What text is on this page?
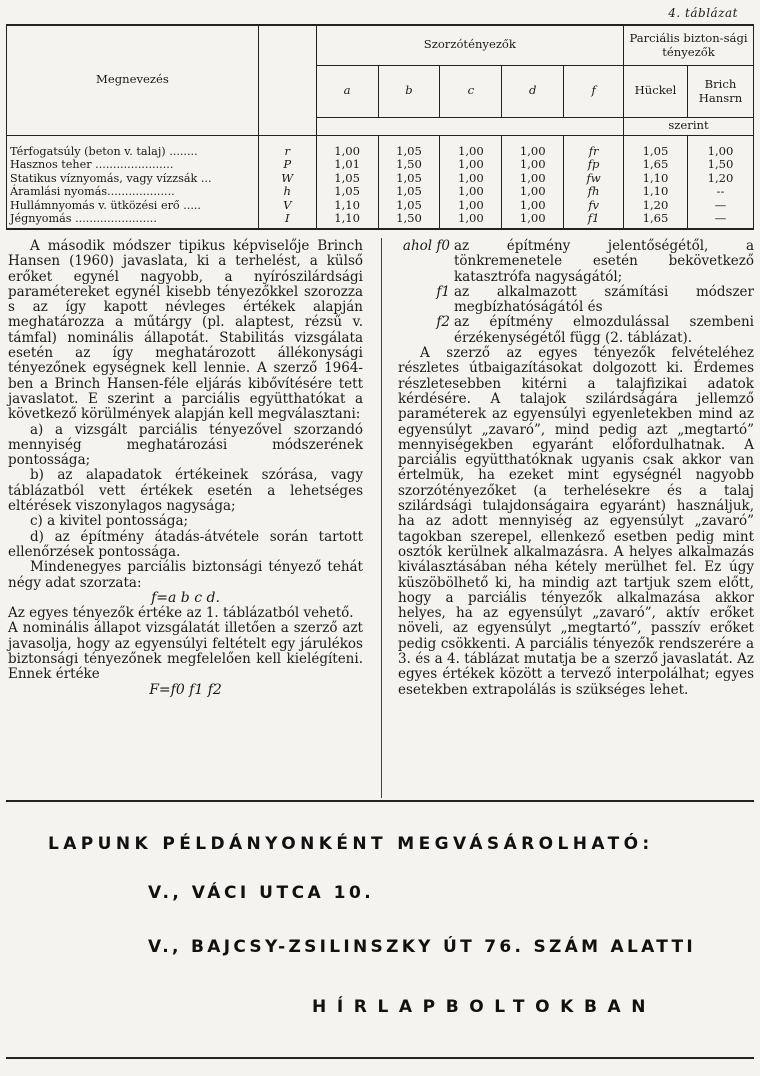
4. táblázat
Megnevezés		Szorzótényezők					Parciális bizton-sági tényezők	
		a	b	c	d	f	Hückel	Brich Hansrn
							szerint	
Térfogatsúly (beton v. talaj) ........	r	1,00	1,05	1,00	1,00	fr	1,05	1,00
Hasznos teher ......................	P	1,01	1,50	1,00	1,00	fp	1,65	1,50
Statikus víznyomás, vagy vízzsák ...	W	1,05	1,05	1,00	1,00	fw	1,10	1,20
Áramlási nyomás...................	h	1,05	1,05	1,00	1,00	fh	1,10	--
Hullámnyomás v. ütközési erő .....	V	1,10	1,05	1,00	1,00	fv	1,20	—
Jégnyomás .......................	I	1,10	1,50	1,00	1,00	f1	1,65	—

A második módszer tipikus képviselője Brinch Hansen (1960) javaslata, ki a terhelést, a külső erőket egynél nagyobb, a nyírószilárdsági paramétereket egynél kisebb tényezőkkel szorozza s az így kapott névleges értékek alapján meghatározza a műtárgy (pl. alaptest, rézsű v. támfal) nominális állapotát. Stabilitás vizsgálata esetén az így meghatározott állékonysági tényezőnek egységnek kell lennie. A szerző 1964-ben a Brinch Hansen-féle eljárás kibővítésére tett javaslatot. E szerint a parciális együtthatókat a következő körülmények alapján kell megválasztani:

a) a vizsgált parciális tényezővel szorzandó mennyiség meghatározási módszerének pontossága;

b) az alapadatok értékeinek szórása, vagy táblázatból vett értékek esetén a lehetséges eltérések viszonylagos nagysága;

c) a kivitel pontossága;

d) az építmény átadás-átvétele során tartott ellenőrzések pontossága.

Mindenegyes parciális biztonsági tényező tehát négy adat szorzata:

f=a b c d.

Az egyes tényezők értéke az 1. táblázatból vehető.

A nominális állapot vizsgálatát illetően a szerző azt javasolja, hogy az egyensúlyi feltételt egy járulékos biztonsági tényezőnek megfelelően kell kielégíteni. Ennek értéke

F=f0 f1 f2

ahol f0 az építmény jelentőségétől, a tönkremenetele esetén bekövetkező katasztrófa nagyságától;
f1 az alkalmazott számítási módszer megbízhatóságától és
f2 az építmény elmozdulással szembeni érzékenységétől függ (2. táblázat).

A szerző az egyes tényezők felvételéhez részletes útbaigazításokat dolgozott ki. Érdemes részletesebben kitérni a talajfizikai adatok kérdésére. A talajok szilárdságára jellemző paraméterek az egyensúlyi egyenletekben mind az egyensúlyt „zavaró”, mind pedig azt „megtartó” mennyiségekben egyaránt előfordulhatnak. A parciális együtthatóknak ugyanis csak akkor van értelmük, ha ezeket mint egységnél nagyobb szorzótényezőket (a terhelésekre és a talaj szilárdsági tulajdonságaira egyaránt) használjuk, ha az adott mennyiség az egyensúlyt „zavaró” tagokban szerepel, ellenkező esetben pedig mint osztók kerülnek alkalmazásra. A helyes alkalmazás kiválasztásában néha kétely merülhet fel. Ez úgy küszöbölhető ki, ha mindig azt tartjuk szem előtt, hogy a parciális tényezők alkalmazása akkor helyes, ha az egyensúlyt „zavaró”, aktív erőket növeli, az egyensúlyt „megtartó”, passzív erőket pedig csökkenti. A parciális tényezők rendszerére a 3. és a 4. táblázat mutatja be a szerző javaslatát. Az egyes értékek között a tervező interpolálhat; egyes esetekben extrapolálás is szükséges lehet.

LAPUNK PÉLDÁNYONKÉNT MEGVÁSÁROLHATÓ:
V., VÁCI UTCA 10.
V., BAJCSY-ZSILINSZKY ÚT 76. SZÁM ALATTI
HÍRLAPBOLTOKBAN
